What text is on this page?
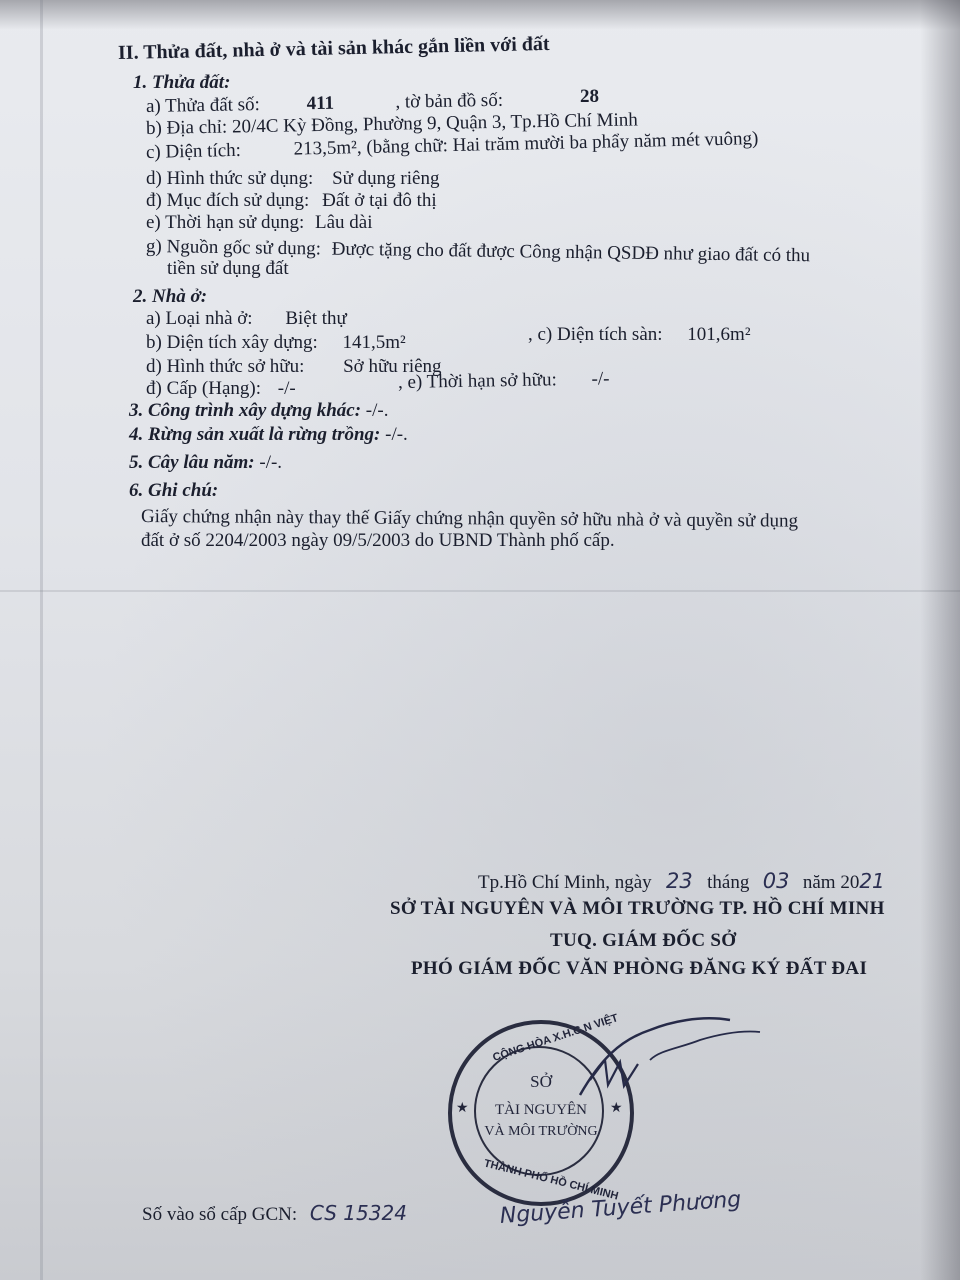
II. Thửa đất, nhà ở và tài sản khác gắn liền với đất
1. Thửa đất:
a) Thửa đất số: 411	, tờ bản đồ số:	28
b) Địa chỉ: 20/4C Kỳ Đồng, Phường 9, Quận 3, Tp.Hồ Chí Minh
c) Diện tích:	213,5m², (bằng chữ: Hai trăm mười ba phẩy năm mét vuông)
d) Hình thức sử dụng: Sử dụng riêng
đ) Mục đích sử dụng: Đất ở tại đô thị
e) Thời hạn sử dụng: Lâu dài
g) Nguồn gốc sử dụng: Được tặng cho đất được Công nhận QSDĐ như giao đất có thu
tiền sử dụng đất
2. Nhà ở:
a) Loại nhà ở: Biệt thự
b) Diện tích xây dựng: 141,5m²	, c) Diện tích sàn: 101,6m²
d) Hình thức sở hữu: Sở hữu riêng
đ) Cấp (Hạng): -/-	, e) Thời hạn sở hữu: -/-
3. Công trình xây dựng khác: -/-.
4. Rừng sản xuất là rừng trồng: -/-.
5. Cây lâu năm: -/-.
6. Ghi chú:
Giấy chứng nhận này thay thế Giấy chứng nhận quyền sở hữu nhà ở và quyền sử dụng
đất ở số 2204/2003 ngày 09/5/2003 do UBND Thành phố cấp.
Tp.Hồ Chí Minh, ngày 23 tháng 03 năm 2021
SỞ TÀI NGUYÊN VÀ MÔI TRƯỜNG TP. HỒ CHÍ MINH
TUQ. GIÁM ĐỐC SỞ
PHÓ GIÁM ĐỐC VĂN PHÒNG ĐĂNG KÝ ĐẤT ĐAI
CỘNG HÒA X.H.C.N VIỆT
THÀNH PHỐ HỒ CHÍ MINH
★	★
SỞ
TÀI NGUYÊN
VÀ MÔI TRƯỜNG
Nguyễn Tuyết Phương
Số vào sổ cấp GCN: CS 15324
